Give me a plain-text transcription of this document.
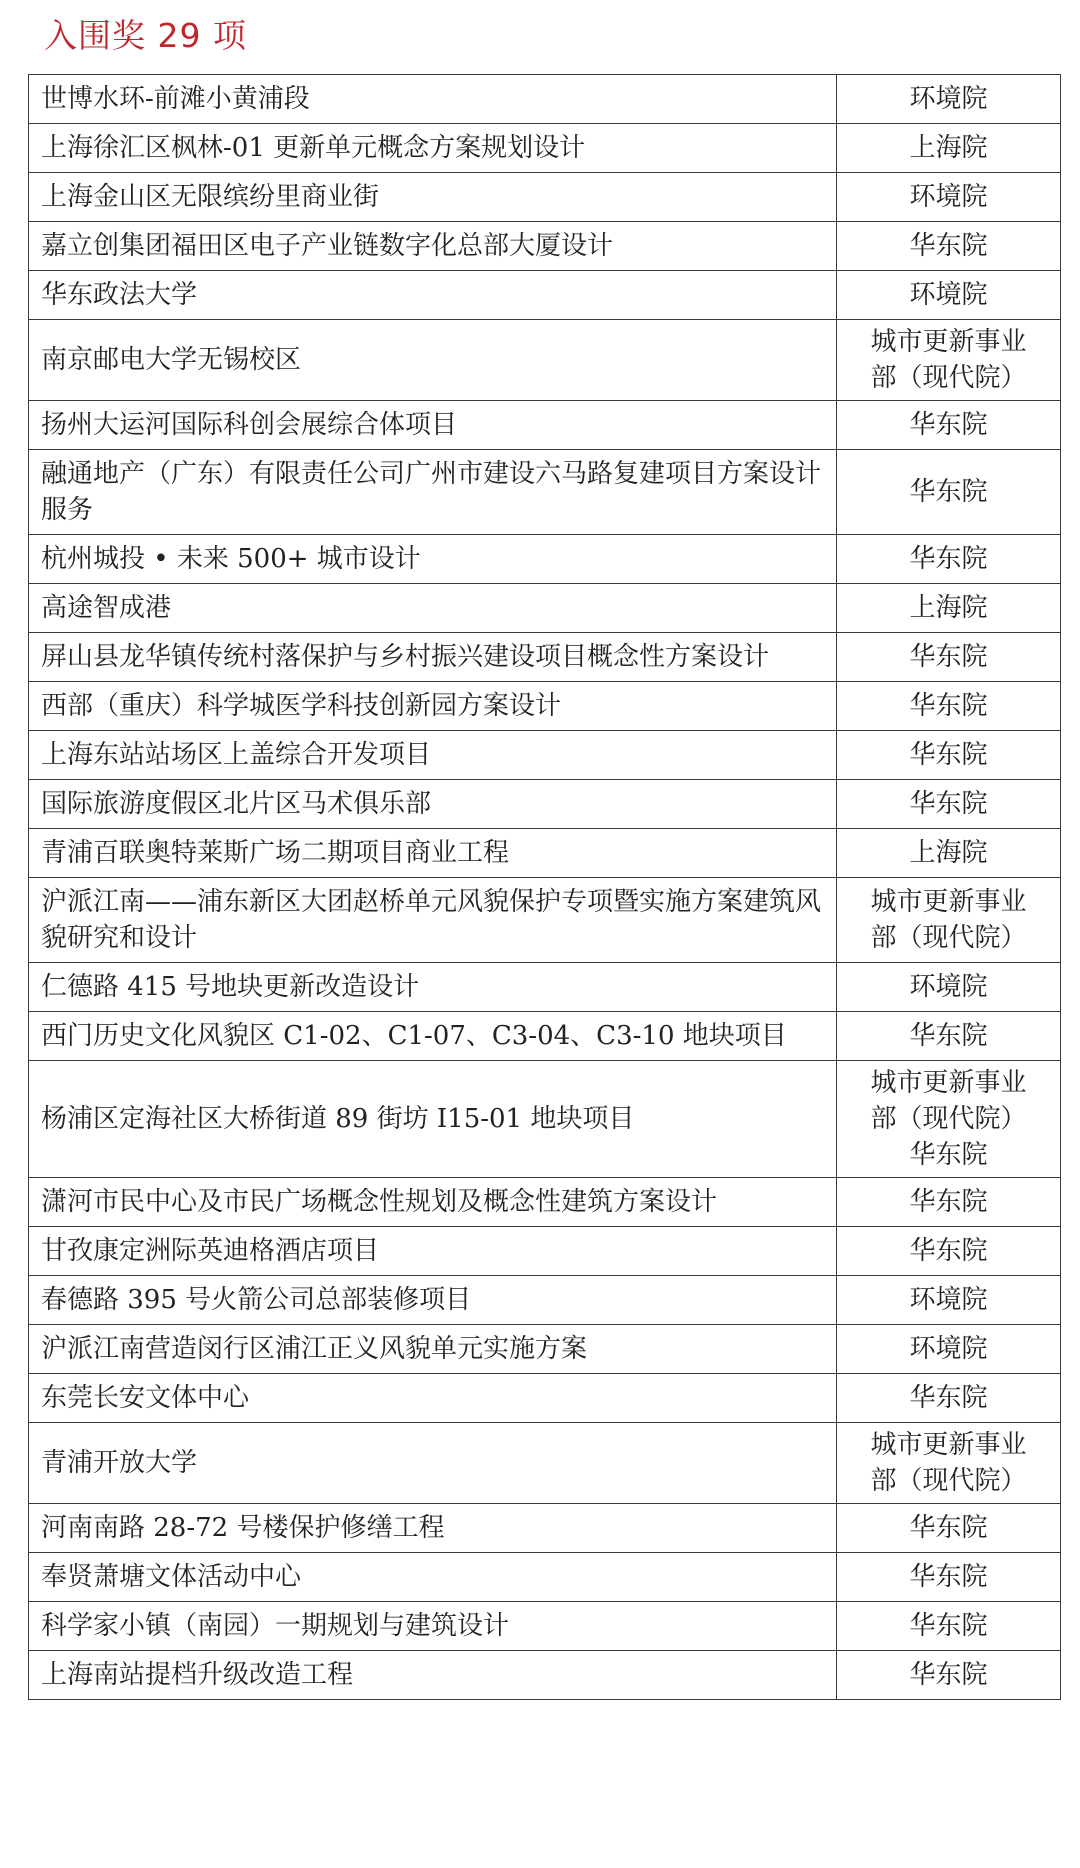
入围奖 29 项
世博水环-前滩小黄浦段	环境院
上海徐汇区枫林-01 更新单元概念方案规划设计	上海院
上海金山区无限缤纷里商业街	环境院
嘉立创集团福田区电子产业链数字化总部大厦设计	华东院
华东政法大学	环境院
南京邮电大学无锡校区	城市更新事业
部（现代院）
扬州大运河国际科创会展综合体项目	华东院
融通地产（广东）有限责任公司广州市建设六马路复建项目方案设计服务	华东院
杭州城投 • 未来 500+ 城市设计	华东院
高途智成港	上海院
屏山县龙华镇传统村落保护与乡村振兴建设项目概念性方案设计	华东院
西部（重庆）科学城医学科技创新园方案设计	华东院
上海东站站场区上盖综合开发项目	华东院
国际旅游度假区北片区马术俱乐部	华东院
青浦百联奥特莱斯广场二期项目商业工程	上海院
沪派江南——浦东新区大团赵桥单元风貌保护专项暨实施方案建筑风貌研究和设计	城市更新事业
部（现代院）
仁德路 415 号地块更新改造设计	环境院
西门历史文化风貌区 C1-02、C1-07、C3-04、C3-10 地块项目	华东院
杨浦区定海社区大桥街道 89 街坊 I15-01 地块项目	城市更新事业
部（现代院）
华东院
潇河市民中心及市民广场概念性规划及概念性建筑方案设计	华东院
甘孜康定洲际英迪格酒店项目	华东院
春德路 395 号火箭公司总部装修项目	环境院
沪派江南营造闵行区浦江正义风貌单元实施方案	环境院
东莞长安文体中心	华东院
青浦开放大学	城市更新事业
部（现代院）
河南南路 28-72 号楼保护修缮工程	华东院
奉贤萧塘文体活动中心	华东院
科学家小镇（南园）一期规划与建筑设计	华东院
上海南站提档升级改造工程	华东院
